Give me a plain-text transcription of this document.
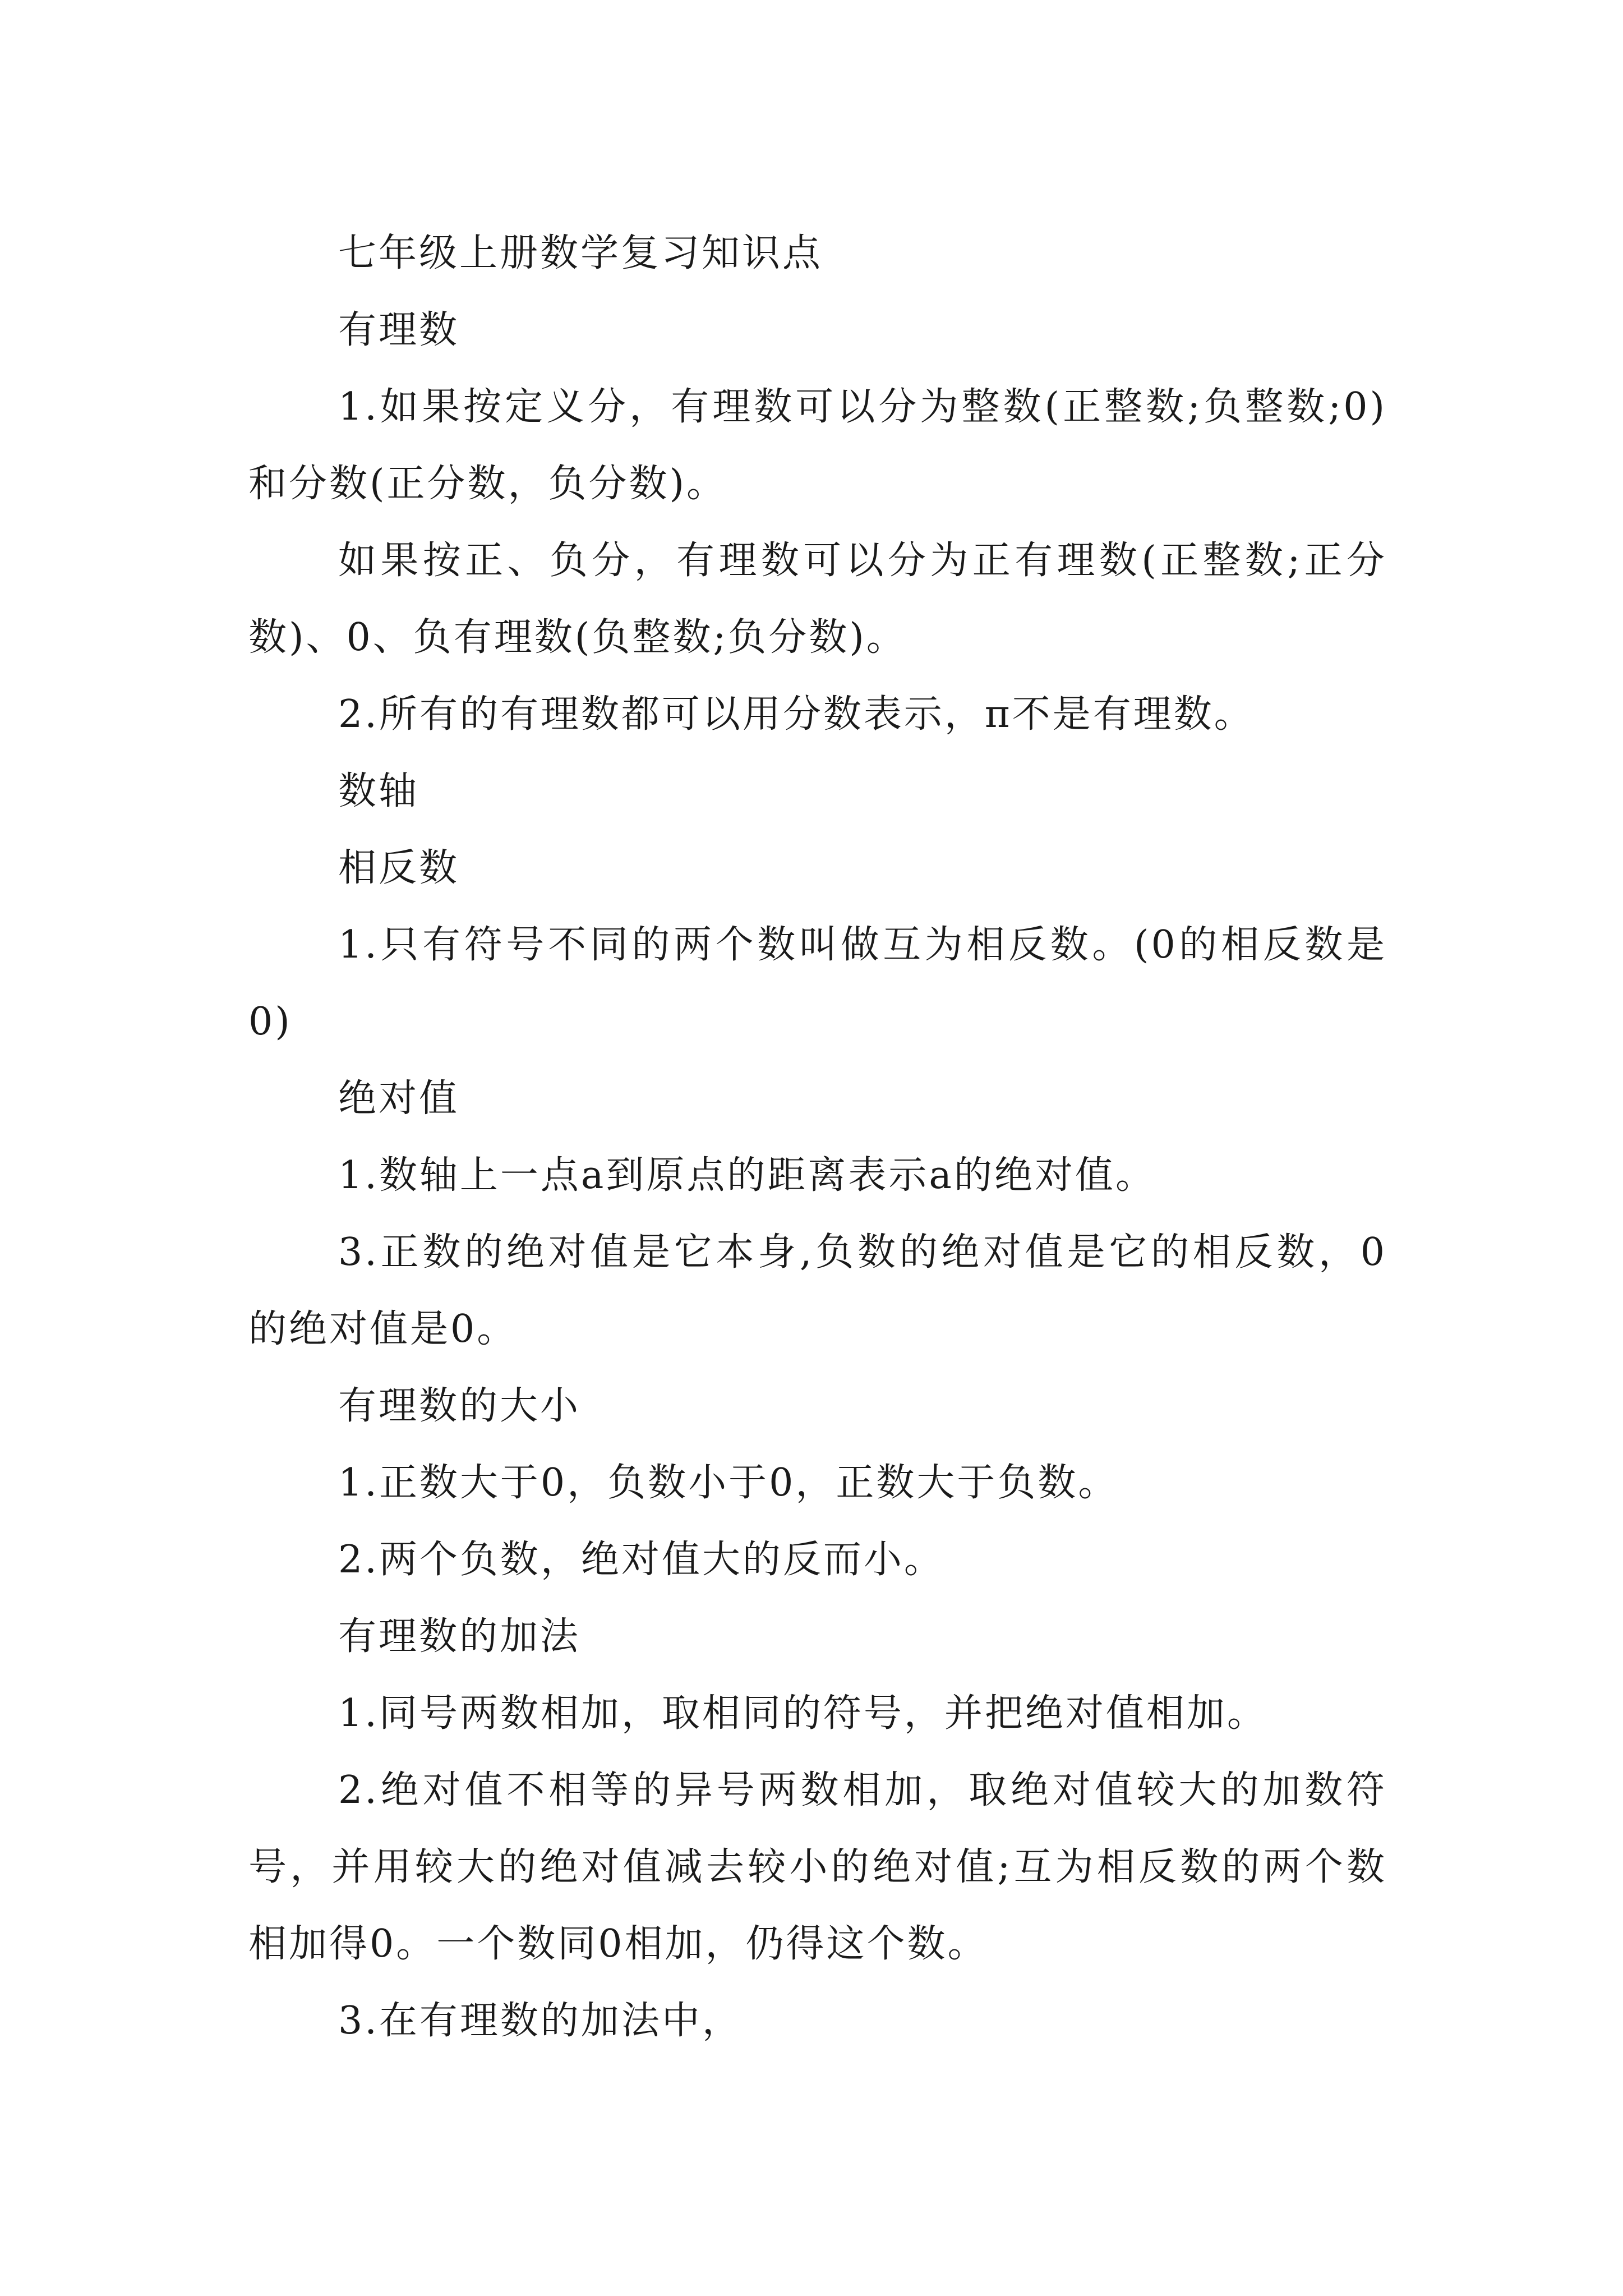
七年级上册数学复习知识点

有理数

1.如果按定义分，有理数可以分为整数(正整数;负整数;0)和分数(正分数，负分数)。

如果按正、负分，有理数可以分为正有理数(正整数;正分数)、0、负有理数(负整数;负分数)。

2.所有的有理数都可以用分数表示，π不是有理数。

数轴

相反数

1.只有符号不同的两个数叫做互为相反数。(0的相反数是0)

绝对值

1.数轴上一点a到原点的距离表示a的绝对值。

3.正数的绝对值是它本身,负数的绝对值是它的相反数，0的绝对值是0。

有理数的大小

1.正数大于0，负数小于0，正数大于负数。

2.两个负数，绝对值大的反而小。

有理数的加法

1.同号两数相加，取相同的符号，并把绝对值相加。

2.绝对值不相等的异号两数相加，取绝对值较大的加数符号，并用较大的绝对值减去较小的绝对值;互为相反数的两个数相加得0。一个数同0相加，仍得这个数。

3.在有理数的加法中，
